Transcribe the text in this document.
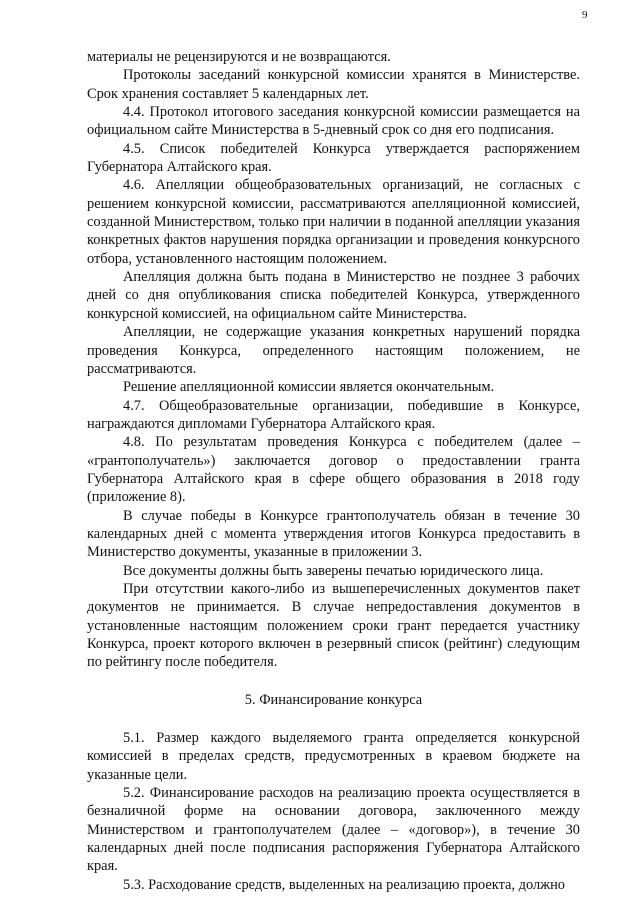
9

материалы не рецензируются и не возвращаются.

Протоколы заседаний конкурсной комиссии хранятся в Министерстве. Срок хранения составляет 5 календарных лет.

4.4. Протокол итогового заседания конкурсной комиссии размещается на официальном сайте Министерства в 5-дневный срок со дня его подписания.

4.5. Список победителей Конкурса утверждается распоряжением Губернатора Алтайского края.

4.6. Апелляции общеобразовательных организаций, не согласных с решением конкурсной комиссии, рассматриваются апелляционной комиссией, созданной Министерством, только при наличии в поданной апелляции указания конкретных фактов нарушения порядка организации и проведения конкурсного отбора, установленного настоящим положением.

Апелляция должна быть подана в Министерство не позднее 3 рабочих дней со дня опубликования списка победителей Конкурса, утвержденного конкурсной комиссией, на официальном сайте Министерства.

Апелляции, не содержащие указания конкретных нарушений порядка проведения Конкурса, определенного настоящим положением, не рассматриваются.

Решение апелляционной комиссии является окончательным.

4.7. Общеобразовательные организации, победившие в Конкурсе, награждаются дипломами Губернатора Алтайского края.

4.8. По результатам проведения Конкурса с победителем (далее – «грантополучатель») заключается договор о предоставлении гранта Губернатора Алтайского края в сфере общего образования в 2018 году (приложение 8).

В случае победы в Конкурсе грантополучатель обязан в течение 30 календарных дней с момента утверждения итогов Конкурса предоставить в Министерство документы, указанные в приложении 3.

Все документы должны быть заверены печатью юридического лица.

При отсутствии какого-либо из вышеперечисленных документов пакет документов не принимается. В случае непредоставления документов в установленные настоящим положением сроки грант передается участнику Конкурса, проект которого включен в резервный список (рейтинг) следующим по рейтингу после победителя.

5. Финансирование конкурса

5.1. Размер каждого выделяемого гранта определяется конкурсной комиссией в пределах средств, предусмотренных в краевом бюджете на указанные цели.

5.2. Финансирование расходов на реализацию проекта осуществляется в безналичной форме на основании договора, заключенного между Министерством и грантополучателем (далее – «договор»), в течение 30 календарных дней после подписания распоряжения Губернатора Алтайского края.

5.3. Расходование средств, выделенных на реализацию проекта, должно
